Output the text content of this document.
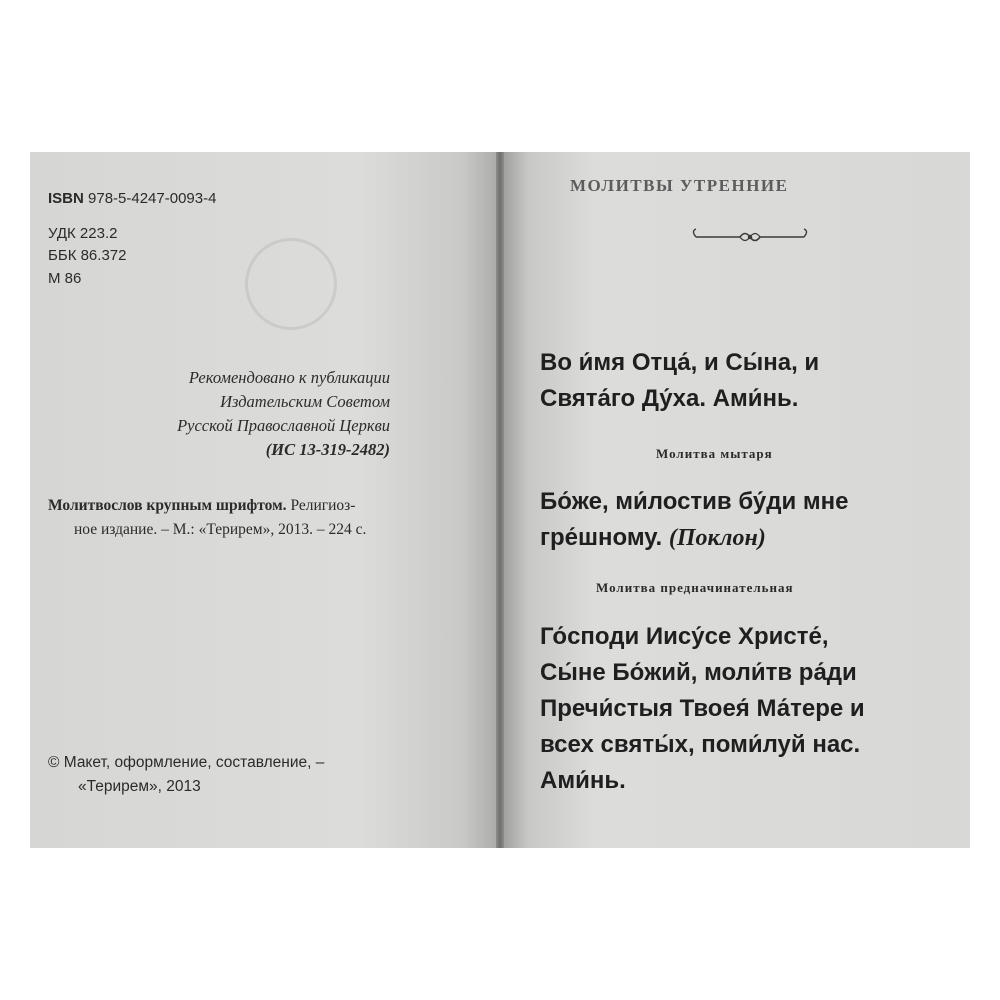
ISBN 978-5-4247-0093-4
УДК 223.2
ББК 86.372
М 86
Рекомендовано к публикации
Издательским Советом
Русской Православной Церкви
(ИС 13-319-2482)
Молитвослов крупным шрифтом. Религиоз-
ное издание. – М.: «Терирем», 2013. – 224 с.
© Макет, оформление, составление, –
«Терирем», 2013
МОЛИТВЫ УТРЕННИЕ
Во и́мя Отца́, и Сы́на, и
Свята́го Ду́ха. Ами́нь.
Молитва мытаря
Бо́же, ми́лостив бу́ди мне
гре́шному. (Поклон)
Молитва предначинательная
Го́споди Иису́се Христе́,
Сы́не Бо́жий, моли́тв ра́ди
Пречи́стыя Твоея́ Ма́тере и
всех святы́х, поми́луй нас.
Ами́нь.
